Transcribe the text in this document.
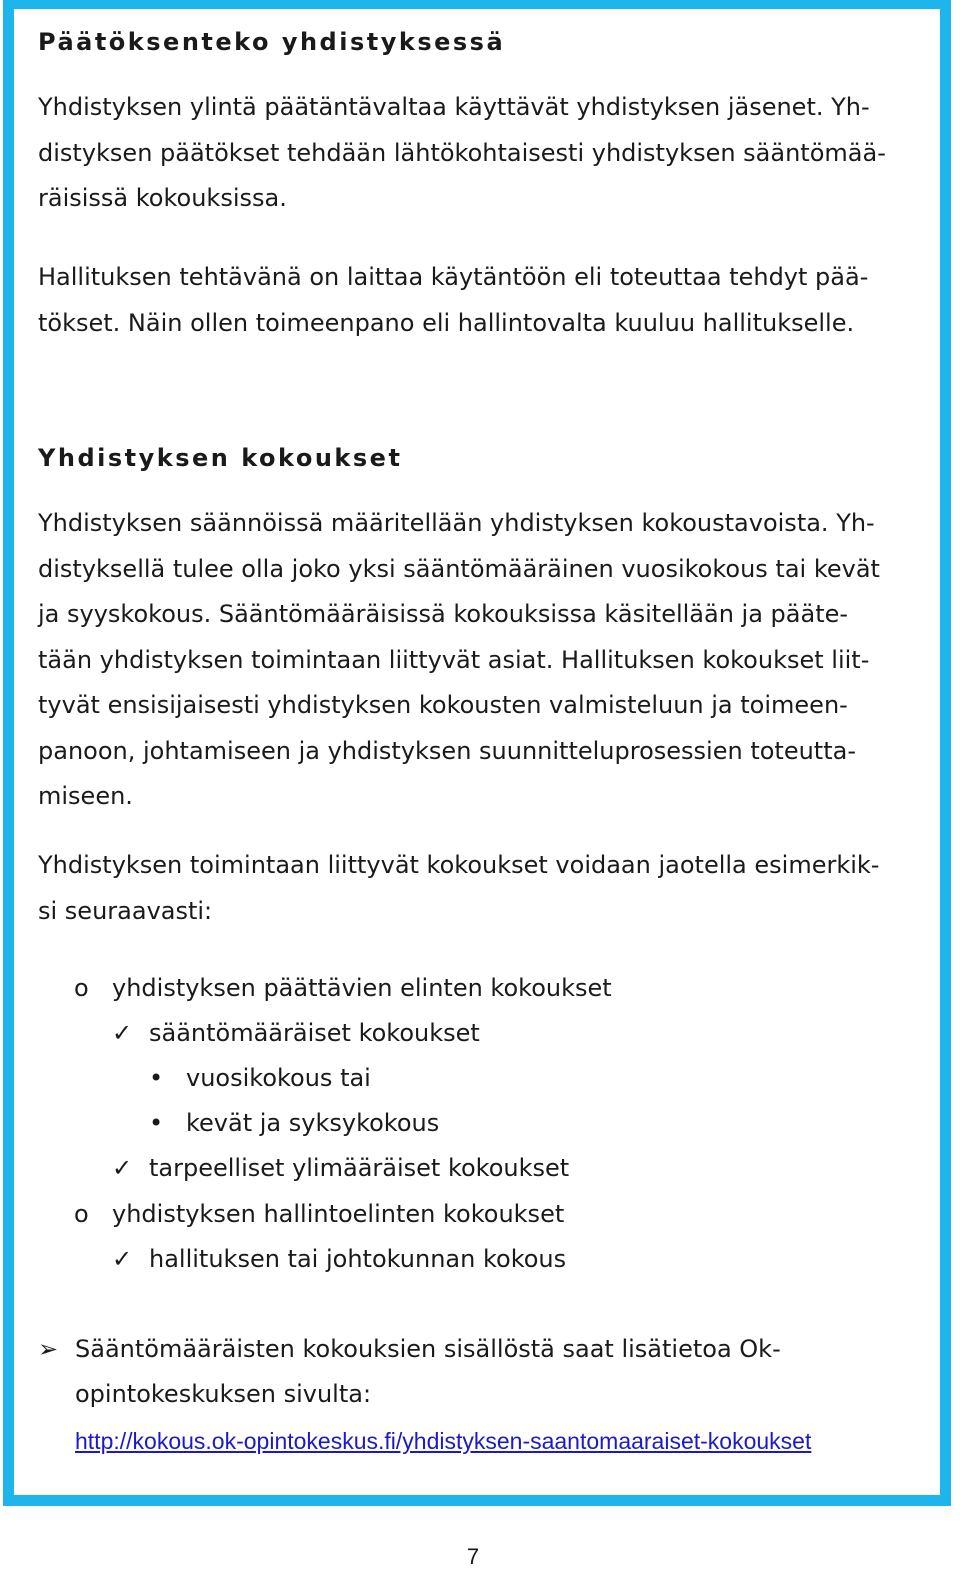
Päätöksenteko yhdistyksessä
Yhdistyksen ylintä päätäntävaltaa käyttävät yhdistyksen jäsenet. Yh-
distyksen päätökset tehdään lähtökohtaisesti yhdistyksen sääntömää-
räisissä kokouksissa.
Hallituksen tehtävänä on laittaa käytäntöön eli toteuttaa tehdyt pää-
tökset. Näin ollen toimeenpano eli hallintovalta kuuluu hallitukselle.
Yhdistyksen kokoukset
Yhdistyksen säännöissä määritellään yhdistyksen kokoustavoista. Yh-
distyksellä tulee olla joko yksi sääntömääräinen vuosikokous tai kevät
ja syyskokous. Sääntömääräisissä kokouksissa käsitellään ja pääte-
tään yhdistyksen toimintaan liittyvät asiat. Hallituksen kokoukset liit-
tyvät ensisijaisesti yhdistyksen kokousten valmisteluun ja toimeen-
panoon, johtamiseen ja yhdistyksen suunnitteluprosessien toteutta-
miseen.
Yhdistyksen toimintaan liittyvät kokoukset voidaan jaotella esimerkik-
si seuraavasti:
o yhdistyksen päättävien elinten kokoukset
✓ sääntömääräiset kokoukset
• vuosikokous tai
• kevät ja syksykokous
✓ tarpeelliset ylimääräiset kokoukset
o yhdistyksen hallintoelinten kokoukset
✓ hallituksen tai johtokunnan kokous
➢ Sääntömääräisten kokouksien sisällöstä saat lisätietoa Ok-
opintokeskuksen sivulta:
http://kokous.ok-opintokeskus.fi/yhdistyksen-saantomaaraiset-kokoukset
7
